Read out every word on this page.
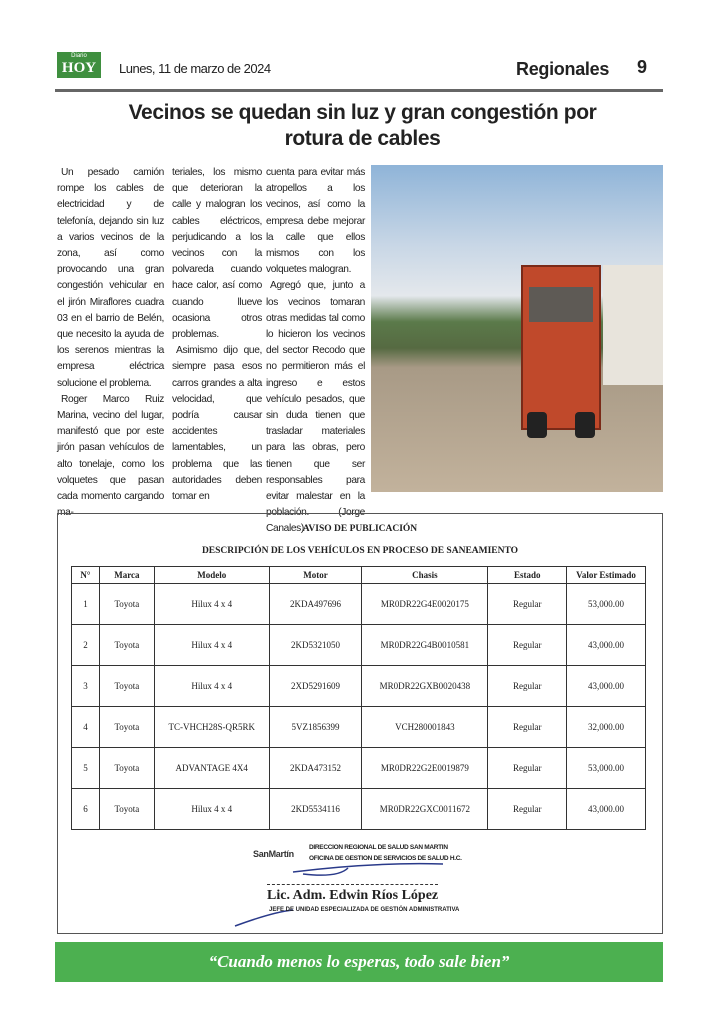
Diario
HOY	Lunes, 11 de marzo de 2024	Regionales 9
Vecinos se quedan sin luz y gran congestión por rotura de cables

Un pesado camión rompe los cables de electricidad y de telefonía, dejando sin luz a varios vecinos de la zona, así como provocando una gran congestión vehicular en el jirón Miraflores cuadra 03 en el barrio de Belén, que necesito la ayuda de los serenos mientras la empresa eléctrica solucione el problema.

Roger Marco Ruiz Marina, vecino del lugar, manifestó que por este jirón pasan vehículos de alto tonelaje, como los volquetes que pasan cada momento cargando ma-

teriales, los mismo que deterioran la calle y malogran los cables eléctricos, perjudicando a los vecinos con la polvareda cuando hace calor, así como cuando llueve ocasiona otros problemas.

Asimismo dijo que, siempre pasa esos carros grandes a alta velocidad, que podría causar accidentes lamentables, un problema que las autoridades deben tomar en

cuenta para evitar más atropellos a los vecinos, así como la empresa debe mejorar la calle que ellos mismos con los volquetes malogran.

Agregó que, junto a los vecinos tomaran otras medidas tal como lo hicieron los vecinos del sector Recodo que no permitieron más el ingreso e estos vehículo pesados, que sin duda tienen que trasladar materiales para las obras, pero tienen que ser responsables para evitar malestar en la población. (Jorge Canales)

AVISO DE PUBLICACIÓN
DESCRIPCIÓN DE LOS VEHÍCULOS EN PROCESO DE SANEAMIENTO
N°	Marca	Modelo	Motor	Chasis	Estado	Valor Estimado
1	Toyota	Hilux 4 x 4	2KDA497696	MR0DR22G4E0020175	Regular	53,000.00
2	Toyota	Hilux 4 x 4	2KD5321050	MR0DR22G4B0010581	Regular	43,000.00
3	Toyota	Hilux 4 x 4	2XD5291609	MR0DR22GXB0020438	Regular	43,000.00
4	Toyota	TC-VHCH28S-QR5RK	5VZ1856399	VCH280001843	Regular	32,000.00
5	Toyota	ADVANTAGE 4X4	2KDA473152	MR0DR22G2E0019879	Regular	53,000.00
6	Toyota	Hilux 4 x 4	2KD5534116	MR0DR22GXC0011672	Regular	43,000.00
SanMartín
DIRECCION REGIONAL DE SALUD SAN MARTIN
OFICINA DE GESTION DE SERVICIOS DE SALUD H.C.
Lic. Adm. Edwin Ríos López
JEFE DE UNIDAD ESPECIALIZADA DE GESTIÓN ADMINISTRATIVA
“Cuando menos lo esperas, todo sale bien”
